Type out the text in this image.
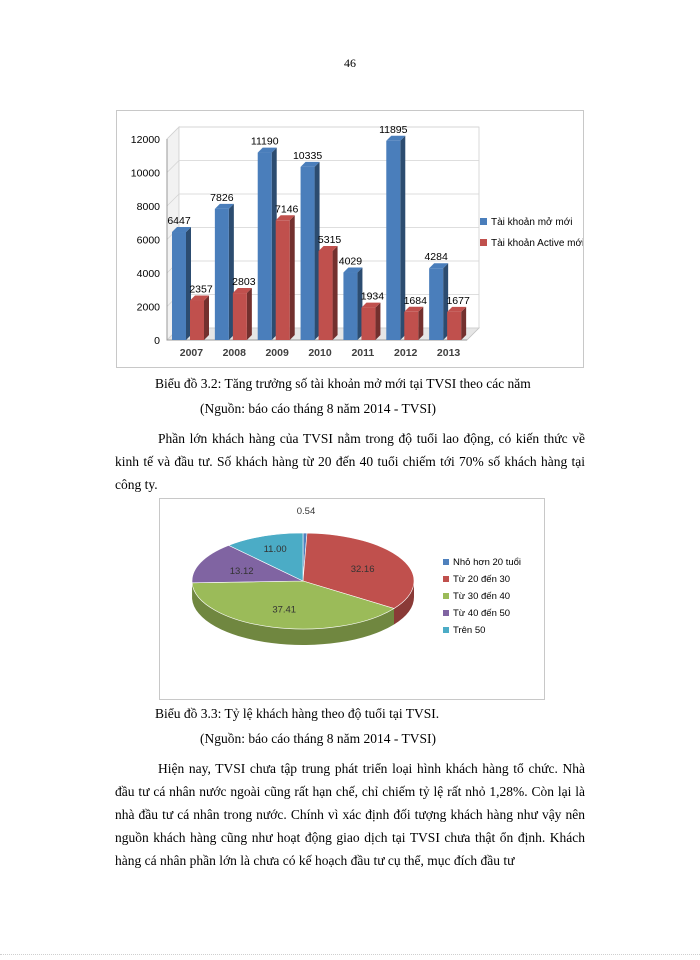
46
0
2000
4000
6000
8000
10000
12000
2007
6447
2357
2008
7826
2803
2009
11190
7146
2010
10335
5315
2011
4029
1934
2012
11895
1684
2013
4284
1677
Tài khoản mở mới
Tài khoản Active mới
Biểu đồ 3.2: Tăng trưởng số tài khoản mở mới tại TVSI theo các năm
(Nguồn: báo cáo tháng 8 năm 2014 - TVSI)
Phần lớn khách hàng của TVSI nằm trong độ tuổi lao động, có kiến thức về kinh tế và đầu tư. Số khách hàng từ 20 đến 40 tuổi chiếm tới 70% số khách hàng tại công ty.
0.54
32.16
37.41
13.12
11.00
Nhỏ hơn 20 tuổi
Từ 20 đến 30
Từ 30 đến 40
Từ 40 đến 50
Trên 50
Biểu đồ 3.3: Tỷ lệ khách hàng theo độ tuổi tại TVSI.
(Nguồn: báo cáo tháng 8 năm 2014 - TVSI)
Hiện nay, TVSI chưa tập trung phát triển loại hình khách hàng tổ chức. Nhà đầu tư cá nhân nước ngoài cũng rất hạn chế, chỉ chiếm tỷ lệ rất nhỏ 1,28%. Còn lại là nhà đầu tư cá nhân trong nước. Chính vì xác định đối tượng khách hàng như vậy nên nguồn khách hàng cũng như hoạt động giao dịch tại TVSI chưa thật ổn định. Khách hàng cá nhân phần lớn là chưa có kế hoạch đầu tư cụ thể, mục đích đầu tư
